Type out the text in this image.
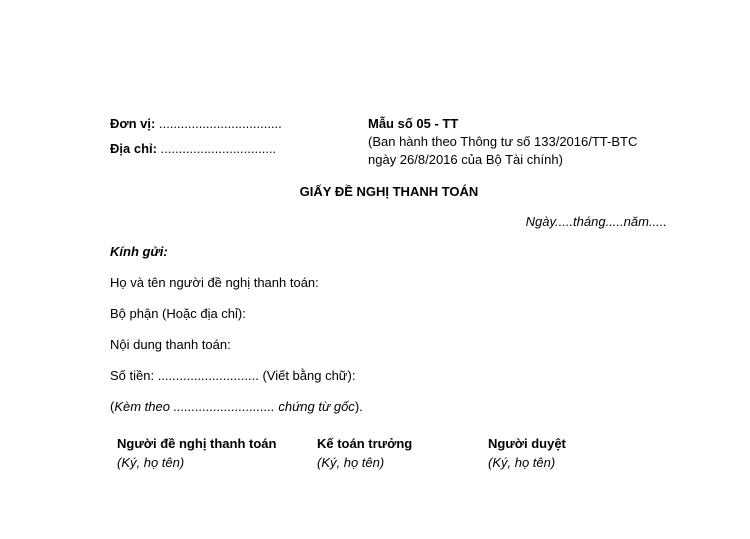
Đơn vị: ..................................
Địa chỉ: ................................
Mẫu số 05 - TT
(Ban hành theo Thông tư số 133/2016/TT-BTC
ngày 26/8/2016 của Bộ Tài chính)
GIẤY ĐỀ NGHỊ THANH TOÁN
Ngày.....tháng.....năm.....
Kính gửi:
Họ và tên người đề nghị thanh toán:
Bộ phận (Hoặc địa chỉ):
Nội dung thanh toán:
Số tiền: ............................ (Viết bằng chữ):
(Kèm theo ............................ chứng từ gốc).
Người đề nghị thanh toán
(Ký, họ tên)
Kế toán trưởng
(Ký, họ tên)
Người duyệt
(Ký, họ tên)
